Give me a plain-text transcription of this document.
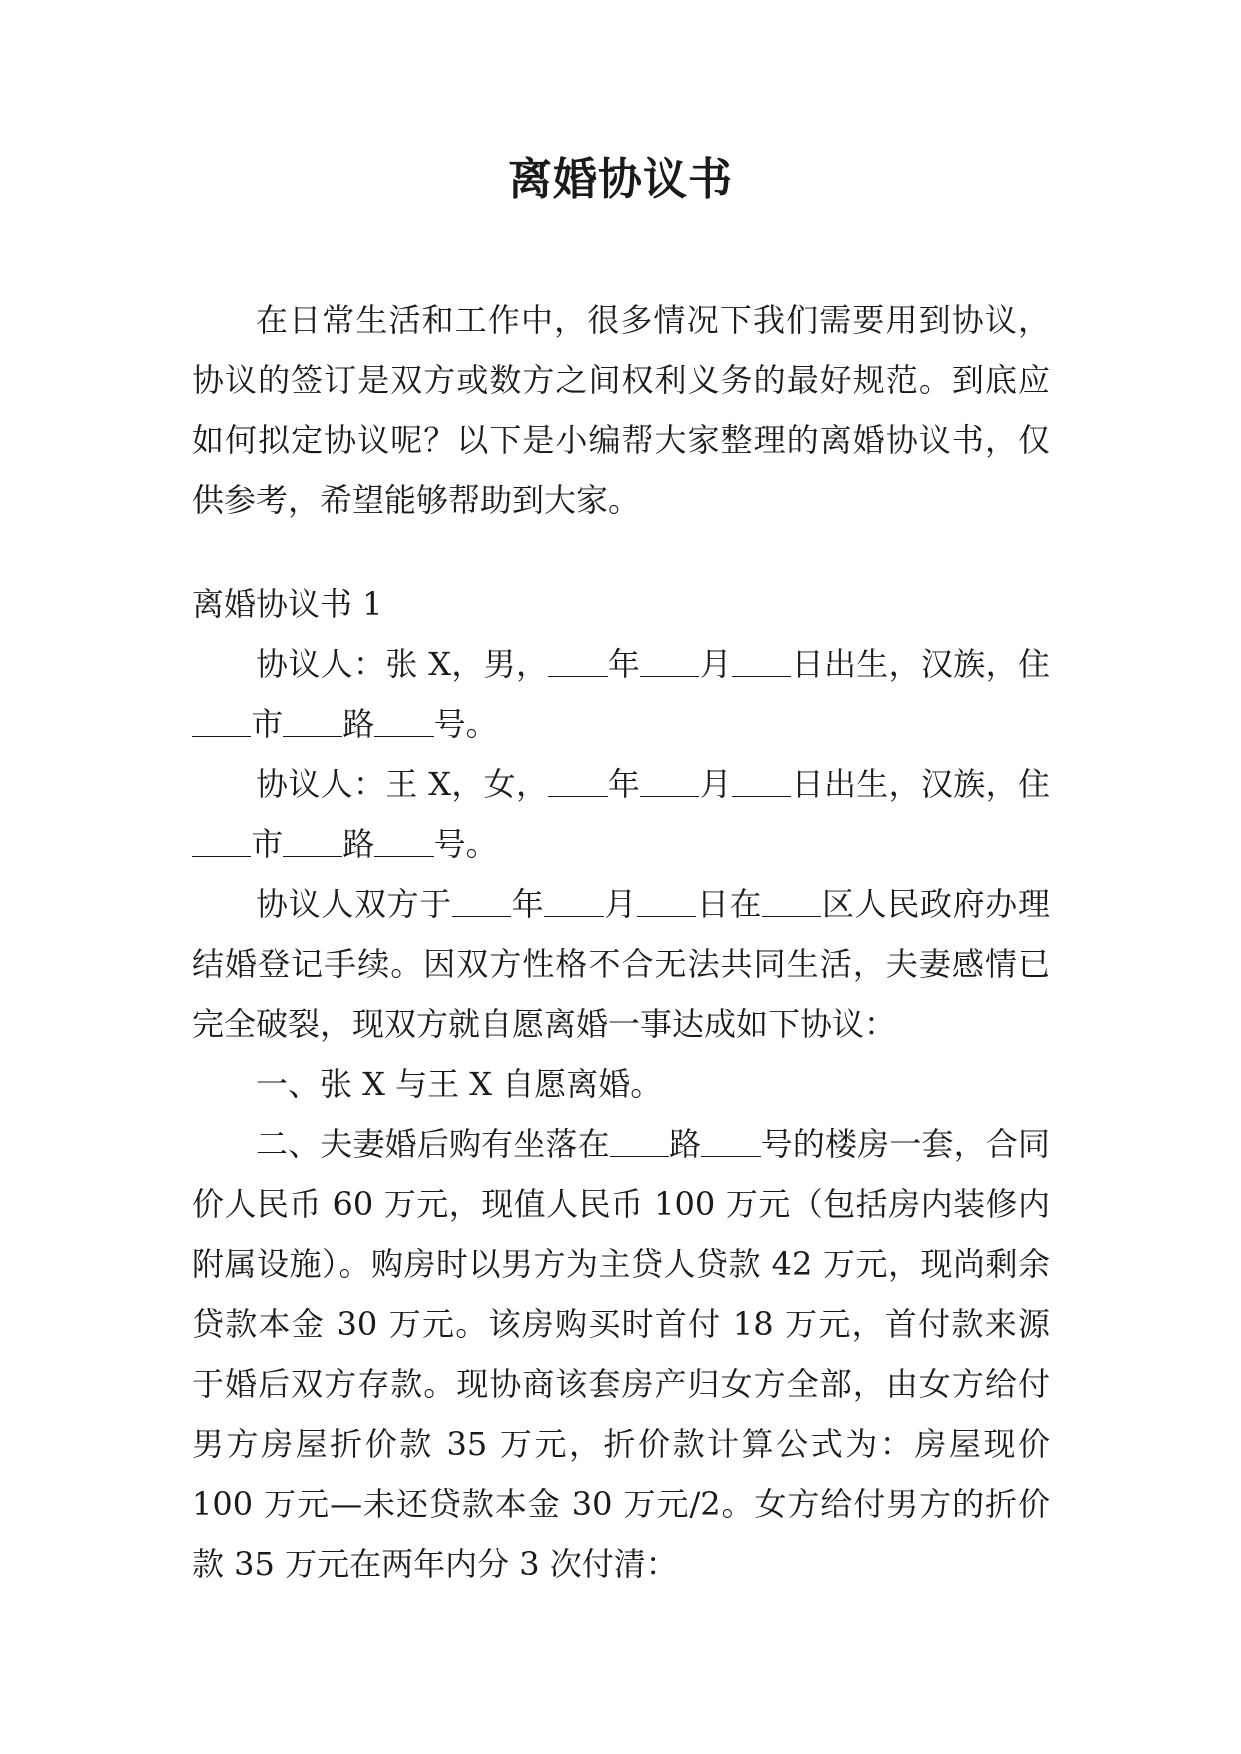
离婚协议书

在日常生活和工作中，很多情况下我们需要用到协议，协议的签订是双方或数方之间权利义务的最好规范。到底应如何拟定协议呢？以下是小编帮大家整理的离婚协议书，仅供参考，希望能够帮助到大家。

离婚协议书 1

协议人：张 X，男， 年 月 日出生，汉族，住市 路 号。

协议人：王 X，女， 年 月 日出生，汉族，住市 路 号。

协议人双方于 年 月 日在 区人民政府办理结婚登记手续。因双方性格不合无法共同生活，夫妻感情已完全破裂，现双方就自愿离婚一事达成如下协议：

一、张 X 与王 X 自愿离婚。

二、夫妻婚后购有坐落在 路 号的楼房一套，合同价人民币 60 万元，现值人民币 100 万元（包括房内装修内附属设施）。购房时以男方为主贷人贷款 42 万元，现尚剩余贷款本金 30 万元。该房购买时首付 18 万元，首付款来源于婚后双方存款。现协商该套房产归女方全部，由女方给付男方房屋折价款 35 万元，折价款计算公式为：房屋现价 100 万元—未还贷款本金 30 万元/2。女方给付男方的折价款 35 万元在两年内分 3 次付清：
